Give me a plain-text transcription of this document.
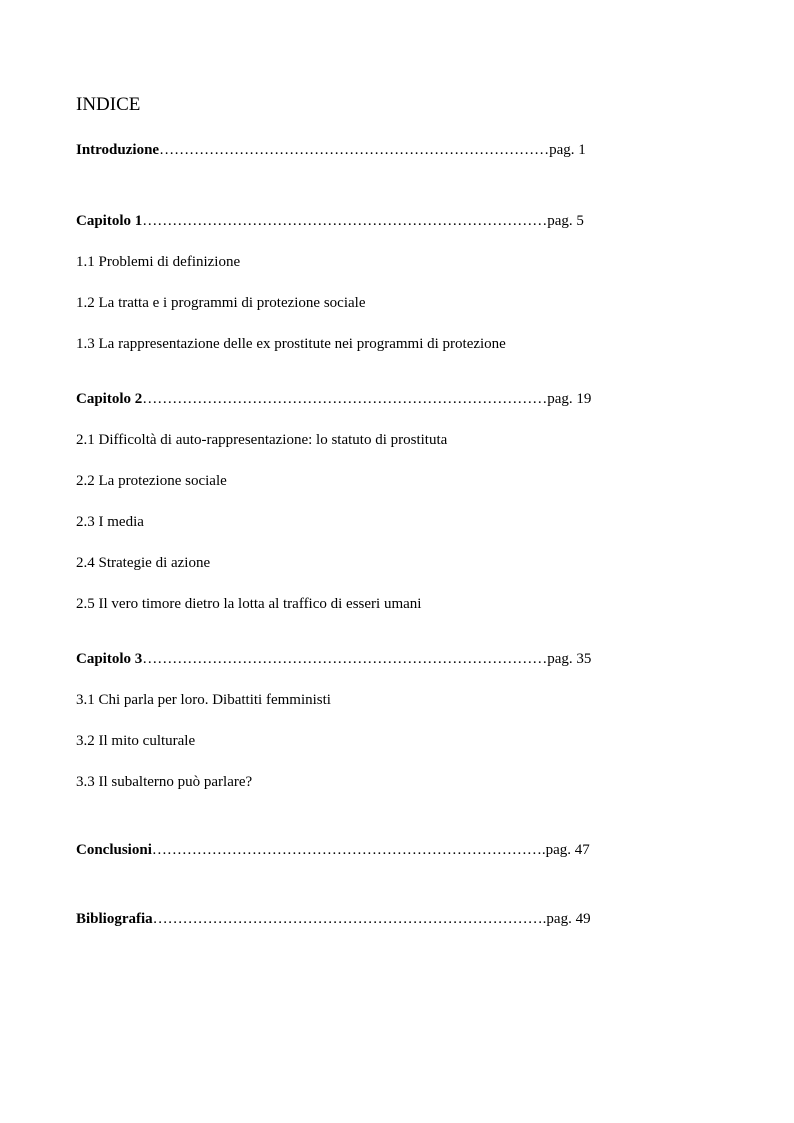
INDICE
Introduzione……………………………………………………………………pag. 1
Capitolo 1………………………………………………………………………pag. 5
1.1 Problemi di definizione
1.2 La tratta e i programmi di protezione sociale
1.3 La rappresentazione delle ex prostitute nei programmi di protezione
Capitolo 2………………………………………………………………………pag. 19
2.1 Difficoltà di auto-rappresentazione: lo statuto di prostituta
2.2 La protezione sociale
2.3 I media
2.4 Strategie di azione
2.5 Il vero timore dietro la lotta al traffico di esseri umani
Capitolo 3………………………………………………………………………pag. 35
3.1 Chi parla per loro. Dibattiti femministi
3.2 Il mito culturale
3.3 Il subalterno può parlare?
Conclusioni…………………………………………………………………….pag. 47
Bibliografia…………………………………………………………………….pag. 49
